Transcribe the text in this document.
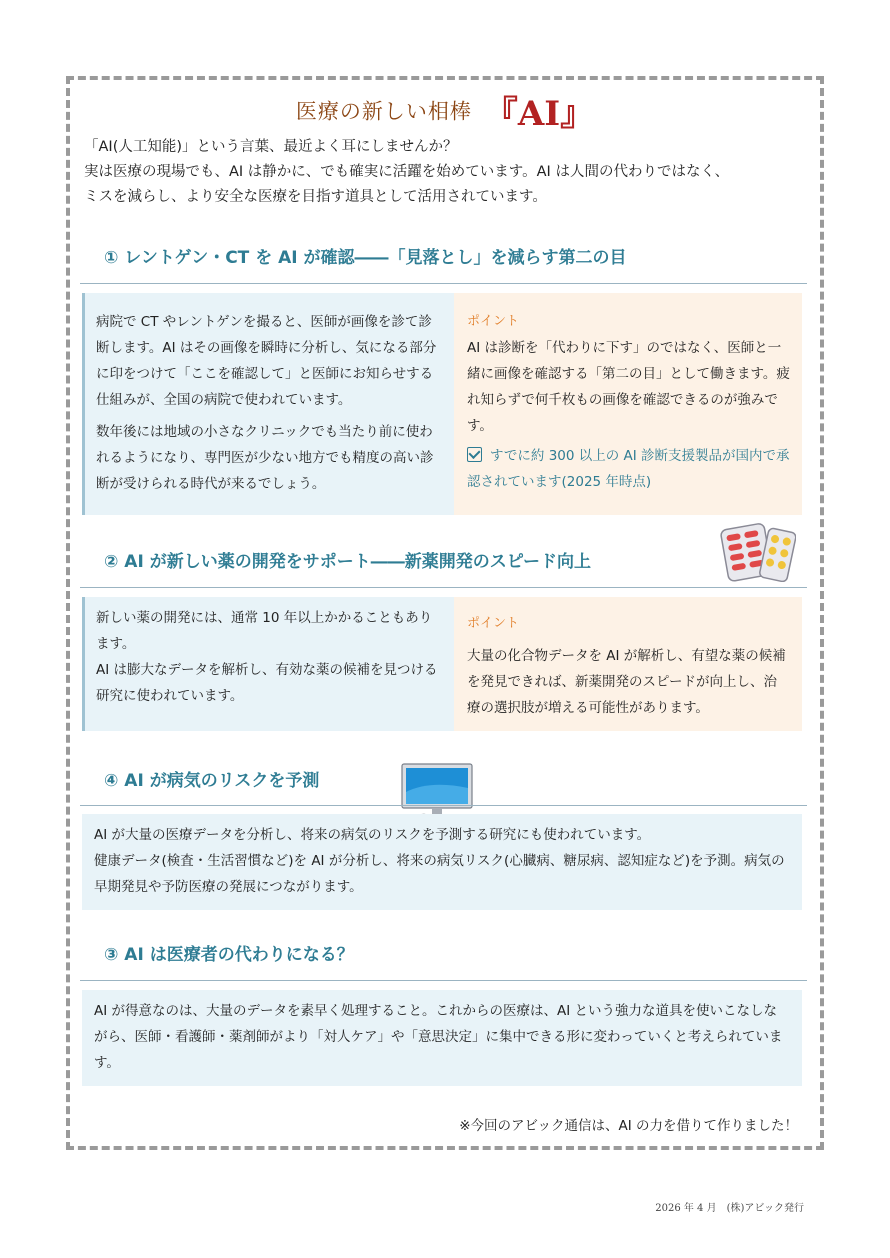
医療の新しい相棒 『AI』
「AI(人工知能)」という言葉、最近よく耳にしませんか？
実は医療の現場でも、AI は静かに、でも確実に活躍を始めています。AI は人間の代わりではなく、
ミスを減らし、より安全な医療を目指す道具として活用されています。
① レントゲン・CT を AI が確認――「見落とし」を減らす第二の目
病院で CT やレントゲンを撮ると、医師が画像を診て診断します。AI はその画像を瞬時に分析し、気になる部分に印をつけて「ここを確認して」と医師にお知らせする仕組みが、全国の病院で使われています。
数年後には地域の小さなクリニックでも当たり前に使われるようになり、専門医が少ない地方でも精度の高い診断が受けられる時代が来るでしょう。
ポイント
AI は診断を「代わりに下す」のではなく、医師と一緒に画像を確認する「第二の目」として働きます。疲れ知らずで何千枚もの画像を確認できるのが強みです。
すでに約 300 以上の AI 診断支援製品が国内で承認されています(2025 年時点)
② AI が新しい薬の開発をサポート――新薬開発のスピード向上
新しい薬の開発には、通常 10 年以上かかることもあります。
AI は膨大なデータを解析し、有効な薬の候補を見つける研究に使われています。
ポイント
大量の化合物データを AI が解析し、有望な薬の候補を発見できれば、新薬開発のスピードが向上し、治療の選択肢が増える可能性があります。
④ AI が病気のリスクを予測
AI が大量の医療データを分析し、将来の病気のリスクを予測する研究にも使われています。
健康データ(検査・生活習慣など)を AI が分析し、将来の病気リスク(心臓病、糖尿病、認知症など)を予測。病気の早期発見や予防医療の発展につながります。
③ AI は医療者の代わりになる？
AI が得意なのは、大量のデータを素早く処理すること。これからの医療は、AI という強力な道具を使いこなしながら、医師・看護師・薬剤師がより「対人ケア」や「意思決定」に集中できる形に変わっていくと考えられています。
※今回のアビック通信は、AI の力を借りて作りました！
2026 年 4 月　(株)アビック発行
